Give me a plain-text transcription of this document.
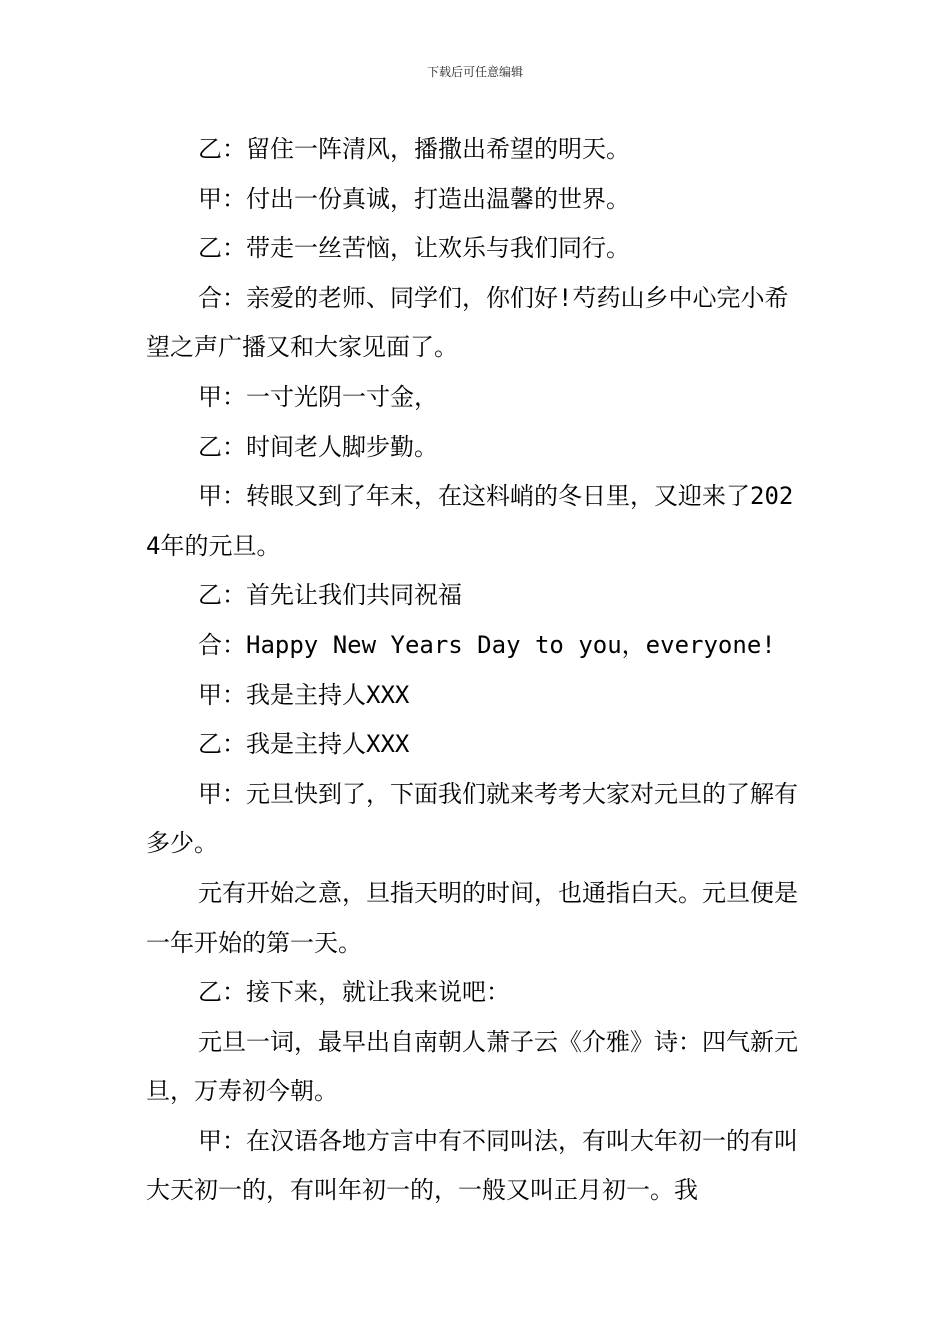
下载后可任意编辑

乙：留住一阵清风，播撒出希望的明天。

甲：付出一份真诚，打造出温馨的世界。

乙：带走一丝苦恼，让欢乐与我们同行。

合：亲爱的老师、同学们，你们好!芍药山乡中心完小希望之声广播又和大家见面了。

甲：一寸光阴一寸金，

乙：时间老人脚步勤。

甲：转眼又到了年末，在这料峭的冬日里，又迎来了2024年的元旦。

乙：首先让我们共同祝福

合：Happy New Years Day to you，everyone!

甲：我是主持人XXX

乙：我是主持人XXX

甲：元旦快到了，下面我们就来考考大家对元旦的了解有多少。

元有开始之意，旦指天明的时间，也通指白天。元旦便是一年开始的第一天。

乙：接下来，就让我来说吧：

元旦一词，最早出自南朝人萧子云《介雅》诗：四气新元旦，万寿初今朝。

甲：在汉语各地方言中有不同叫法，有叫大年初一的有叫大天初一的，有叫年初一的，一般又叫正月初一。我
